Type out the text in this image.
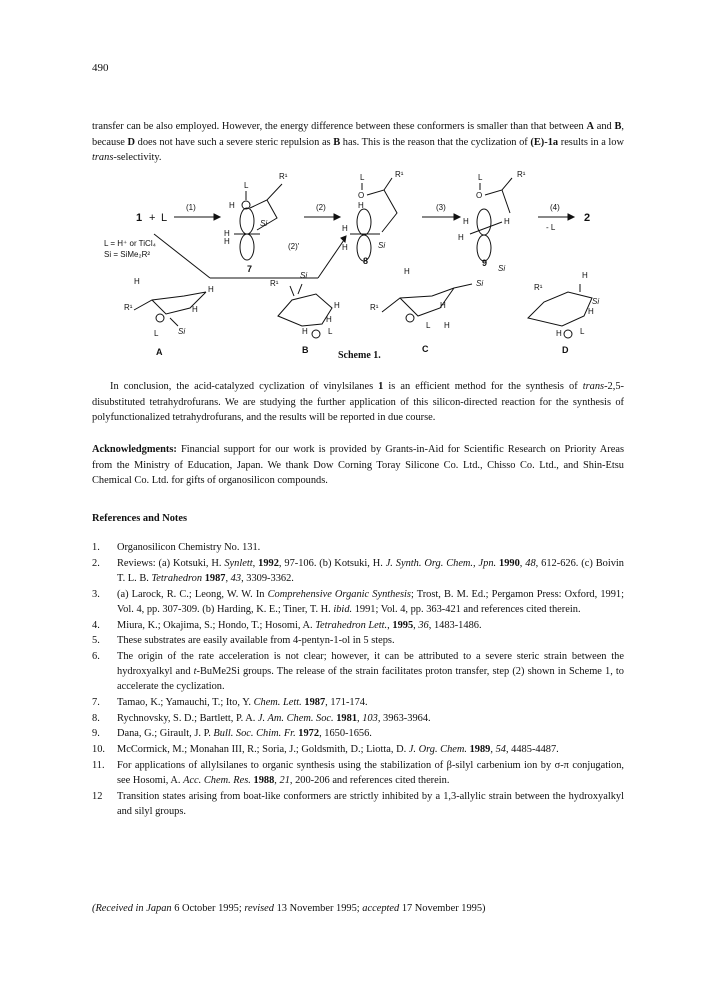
490

transfer can be also employed. However, the energy difference between these conformers is smaller than that between A and B, because D does not have such a severe steric repulsion as B has. This is the reason that the cyclization of (E)-1a results in a low trans-selectivity.

1 + L
(1)
L = H⁺ or TiCl₄
Si = SiMe₂R²
L
H
R¹
H
H
Si
7
(2)
(2)'
L
O
H
R¹
H
H	Si
8
(3)
L
O
R¹
H
H
H
9
Si
(4)
- L
2
H
R¹
H
H
L Si
A
R¹
Si
H
H
H	L
B	Scheme 1.
H
Si
R¹	H
L H
C
H
R¹
Si
H
H L
D

In conclusion, the acid-catalyzed cyclization of vinylsilanes 1 is an efficient method for the synthesis of trans-2,5-disubstituted tetrahydrofurans. We are studying the further application of this silicon-directed reaction for the synthesis of polyfunctionalized tetrahydrofurans, and the results will be reported in due course.

Acknowledgments: Financial support for our work is provided by Grants-in-Aid for Scientific Research on Priority Areas from the Ministry of Education, Japan. We thank Dow Corning Toray Silicone Co. Ltd., Chisso Co. Ltd., and Shin-Etsu Chemical Co. Ltd. for gifts of organosilicon compounds.

References and Notes
1. Organosilicon Chemistry No. 131.
2. Reviews: (a) Kotsuki, H. Synlett, 1992, 97-106. (b) Kotsuki, H. J. Synth. Org. Chem., Jpn. 1990, 48, 612-626. (c) Boivin T. L. B. Tetrahedron 1987, 43, 3309-3362.
3. (a) Larock, R. C.; Leong, W. W. In Comprehensive Organic Synthesis; Trost, B. M. Ed.; Pergamon Press: Oxford, 1991; Vol. 4, pp. 307-309. (b) Harding, K. E.; Tiner, T. H. ibid. 1991; Vol. 4, pp. 363-421 and references cited therein.
4. Miura, K.; Okajima, S.; Hondo, T.; Hosomi, A. Tetrahedron Lett., 1995, 36, 1483-1486.
5. These substrates are easily available from 4-pentyn-1-ol in 5 steps.
6. The origin of the rate acceleration is not clear; however, it can be attributed to a severe steric strain between the hydroxyalkyl and t-BuMe2Si groups. The release of the strain facilitates proton transfer, step (2) shown in Scheme 1, to accelerate the cyclization.
7. Tamao, K.; Yamauchi, T.; Ito, Y. Chem. Lett. 1987, 171-174.
8. Rychnovsky, S. D.; Bartlett, P. A. J. Am. Chem. Soc. 1981, 103, 3963-3964.
9. Dana, G.; Girault, J. P. Bull. Soc. Chim. Fr. 1972, 1650-1656.
10. McCormick, M.; Monahan III, R.; Soria, J.; Goldsmith, D.; Liotta, D. J. Org. Chem. 1989, 54, 4485-4487.
11. For applications of allylsilanes to organic synthesis using the stabilization of β-silyl carbenium ion by σ-π conjugation, see Hosomi, A. Acc. Chem. Res. 1988, 21, 200-206 and references cited therein.
12 Transition states arising from boat-like conformers are strictly inhibited by a 1,3-allylic strain between the hydroxyalkyl and silyl groups.
(Received in Japan 6 October 1995; revised 13 November 1995; accepted 17 November 1995)
